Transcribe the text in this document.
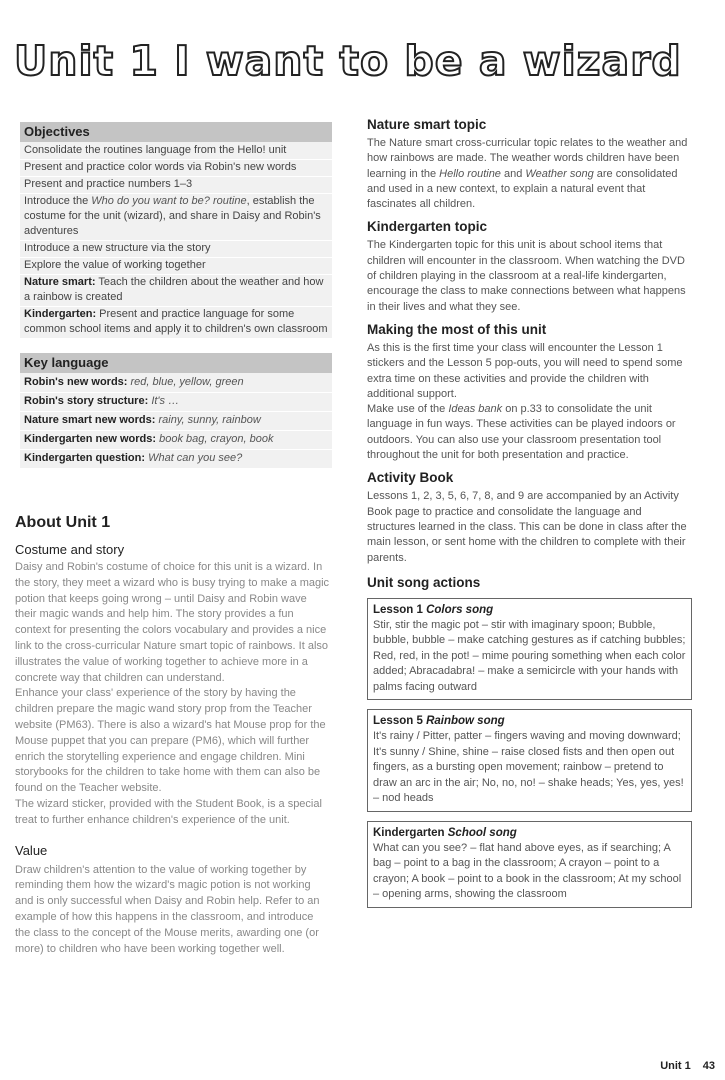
Unit 1 I want to be a wizard
Objectives
Consolidate the routines language from the Hello! unit
Present and practice color words via Robin's new words
Present and practice numbers 1–3
Introduce the Who do you want to be? routine, establish the costume for the unit (wizard), and share in Daisy and Robin's adventures
Introduce a new structure via the story
Explore the value of working together
Nature smart: Teach the children about the weather and how a rainbow is created
Kindergarten: Present and practice language for some common school items and apply it to children's own classroom
Key language
Robin's new words: red, blue, yellow, green
Robin's story structure: It's …
Nature smart new words: rainy, sunny, rainbow
Kindergarten new words: book bag, crayon, book
Kindergarten question: What can you see?
About Unit 1
Costume and story

Daisy and Robin's costume of choice for this unit is a wizard. In the story, they meet a wizard who is busy trying to make a magic potion that keeps going wrong – until Daisy and Robin wave their magic wands and help him. The story provides a fun context for presenting the colors vocabulary and provides a nice link to the cross-curricular Nature smart topic of rainbows. It also illustrates the value of working together to achieve more in a concrete way that children can understand.

Enhance your class' experience of the story by having the children prepare the magic wand story prop from the Teacher website (PM63). There is also a wizard's hat Mouse prop for the Mouse puppet that you can prepare (PM6), which will further enrich the storytelling experience and engage children. Mini storybooks for the children to take home with them can also be found on the Teacher website.

The wizard sticker, provided with the Student Book, is a special treat to further enhance children's experience of the unit.

Value

Draw children's attention to the value of working together by reminding them how the wizard's magic potion is not working and is only successful when Daisy and Robin help. Refer to an example of how this happens in the classroom, and introduce the class to the concept of the Mouse merits, awarding one (or more) to children who have been working together well.

Nature smart topic

The Nature smart cross-curricular topic relates to the weather and how rainbows are made. The weather words children have been learning in the Hello routine and Weather song are consolidated and used in a new context, to explain a natural event that fascinates all children.

Kindergarten topic

The Kindergarten topic for this unit is about school items that children will encounter in the classroom. When watching the DVD of children playing in the classroom at a real-life kindergarten, encourage the class to make connections between what happens in their lives and what they see.

Making the most of this unit

As this is the first time your class will encounter the Lesson 1 stickers and the Lesson 5 pop-outs, you will need to spend some extra time on these activities and provide the children with additional support.

Make use of the Ideas bank on p.33 to consolidate the unit language in fun ways. These activities can be played indoors or outdoors. You can also use your classroom presentation tool throughout the unit for both presentation and practice.

Activity Book

Lessons 1, 2, 3, 5, 6, 7, 8, and 9 are accompanied by an Activity Book page to practice and consolidate the language and structures learned in the class. This can be done in class after the main lesson, or sent home with the children to complete with their parents.

Unit song actions
Lesson 1 Colors song
Stir, stir the magic pot – stir with imaginary spoon; Bubble, bubble, bubble – make catching gestures as if catching bubbles; Red, red, in the pot! – mime pouring something when each color added; Abracadabra! – make a semicircle with your hands with palms facing outward
Lesson 5 Rainbow song
It's rainy / Pitter, patter – fingers waving and moving downward; It's sunny / Shine, shine – raise closed fists and then open out fingers, as a bursting open movement; rainbow – pretend to draw an arc in the air; No, no, no! – shake heads; Yes, yes, yes! – nod heads
Kindergarten School song
What can you see? – flat hand above eyes, as if searching; A bag – point to a bag in the classroom; A crayon – point to a crayon; A book – point to a book in the classroom; At my school – opening arms, showing the classroom
Unit 1 43
